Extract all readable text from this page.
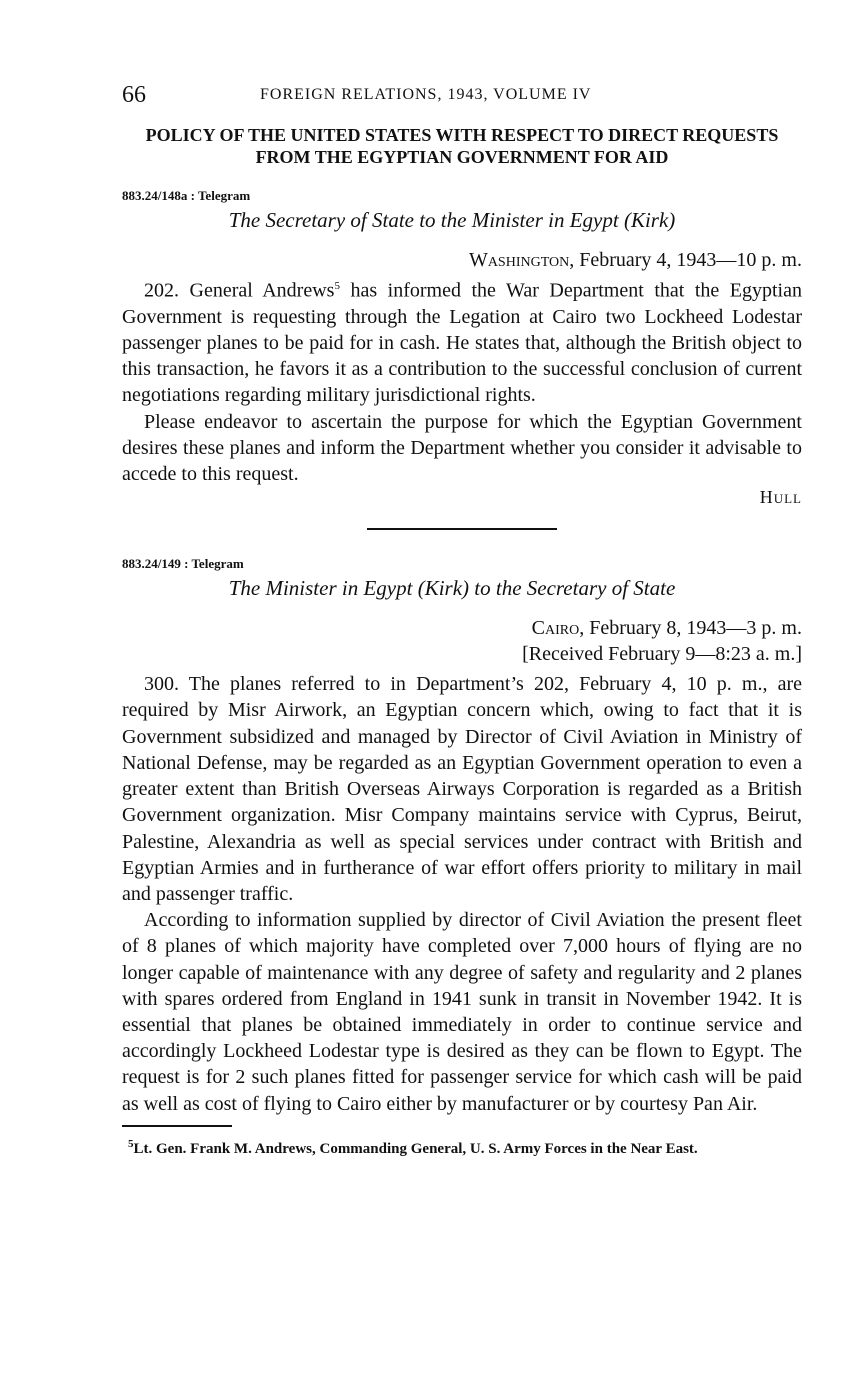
66	FOREIGN RELATIONS, 1943, VOLUME IV
POLICY OF THE UNITED STATES WITH RESPECT TO DIRECT REQUESTS FROM THE EGYPTIAN GOVERNMENT FOR AID
883.24/148a : Telegram
The Secretary of State to the Minister in Egypt (Kirk)
Washington, February 4, 1943—10 p. m.

202. General Andrews$^5$ has informed the War Department that the Egyptian Government is requesting through the Legation at Cairo two Lockheed Lodestar passenger planes to be paid for in cash. He states that, although the British object to this transaction, he favors it as a contribution to the successful conclusion of current negotiations regarding military jurisdictional rights.

Please endeavor to ascertain the purpose for which the Egyptian Government desires these planes and inform the Department whether you consider it advisable to accede to this request.

Hull
883.24/149 : Telegram
The Minister in Egypt (Kirk) to the Secretary of State
Cairo, February 8, 1943—3 p. m.
[Received February 9—8:23 a. m.]

300. The planes referred to in Department’s 202, February 4, 10 p. m., are required by Misr Airwork, an Egyptian concern which, owing to fact that it is Government subsidized and managed by Director of Civil Aviation in Ministry of National Defense, may be regarded as an Egyptian Government operation to even a greater extent than British Overseas Airways Corporation is regarded as a British Government organization. Misr Company maintains service with Cyprus, Beirut, Palestine, Alexandria as well as special services under contract with British and Egyptian Armies and in furtherance of war effort offers priority to military in mail and passenger traffic.

According to information supplied by director of Civil Aviation the present fleet of 8 planes of which majority have completed over 7,000 hours of flying are no longer capable of maintenance with any degree of safety and regularity and 2 planes with spares ordered from England in 1941 sunk in transit in November 1942. It is essential that planes be obtained immediately in order to continue service and accordingly Lockheed Lodestar type is desired as they can be flown to Egypt. The request is for 2 such planes fitted for passenger service for which cash will be paid as well as cost of flying to Cairo either by manufacturer or by courtesy Pan Air.

$^5$Lt. Gen. Frank M. Andrews, Commanding General, U. S. Army Forces in the Near East.
